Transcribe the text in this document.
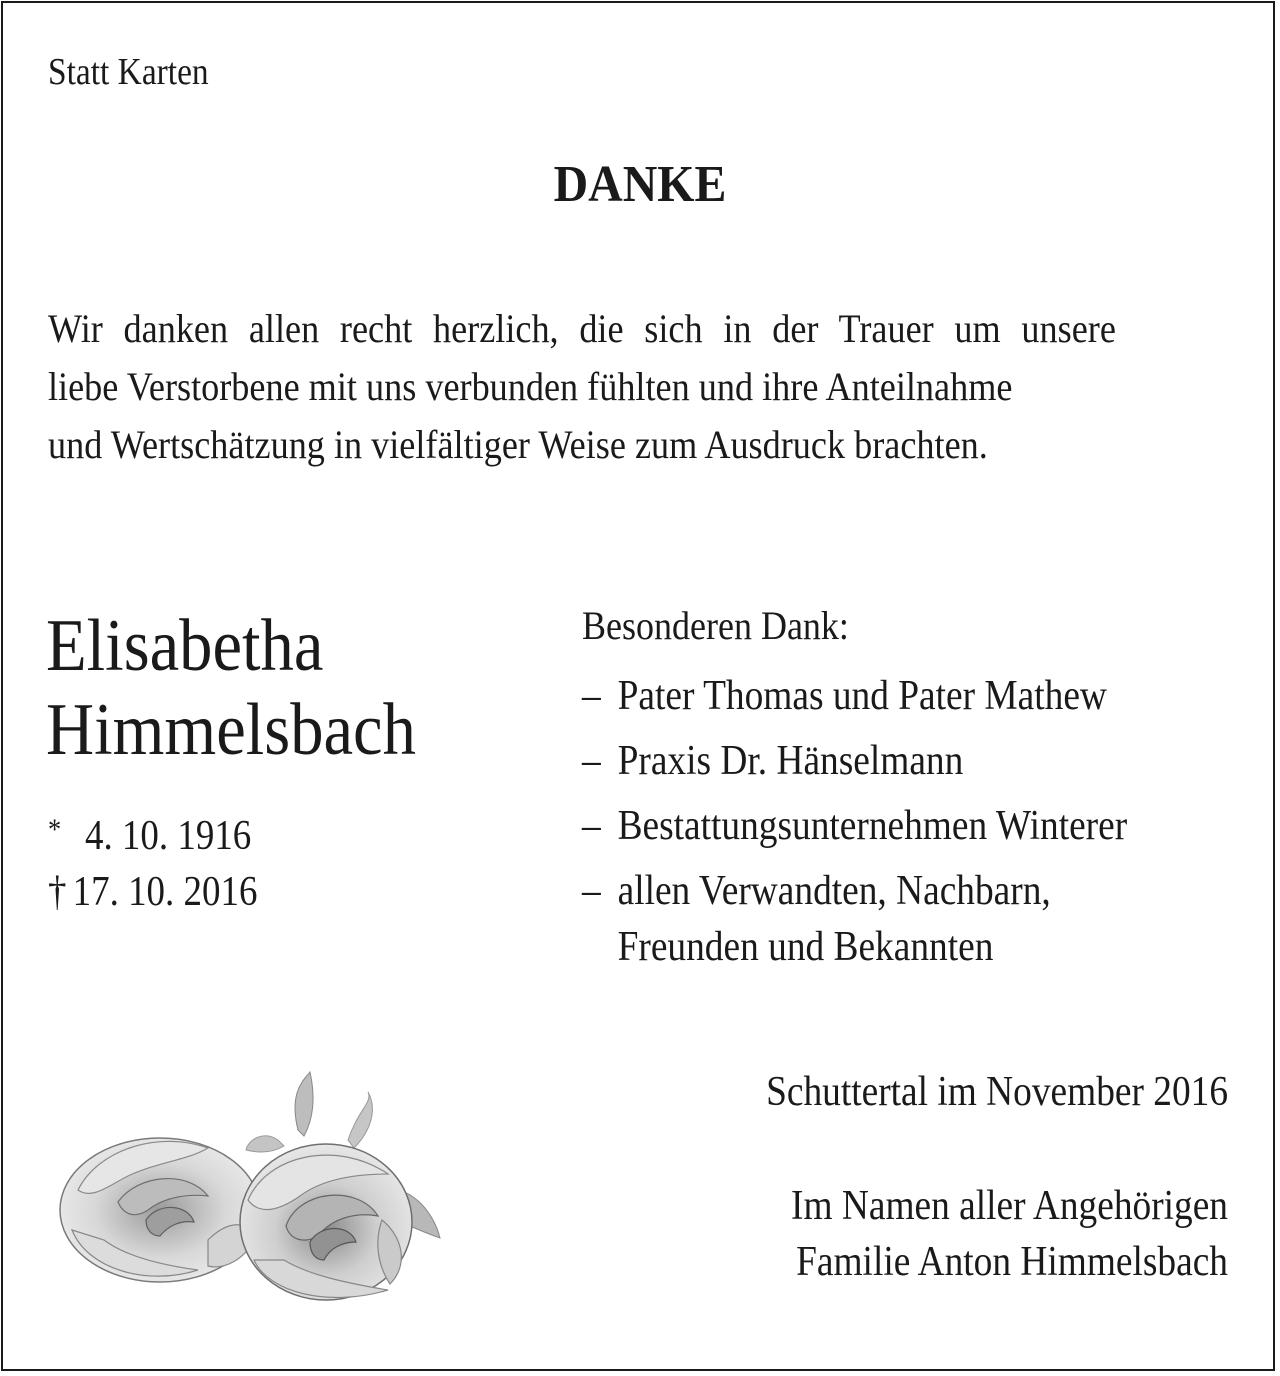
Statt Karten
DANKE
Wir danken allen recht herzlich, die sich in der Trauer um unsere
liebe Verstorbene mit uns verbunden fühlten und ihre Anteilnahme
und Wertschätzung in vielfältiger Weise zum Ausdruck brachten.
Elisabetha
Himmelsbach
* 4. 10. 1916
† 17. 10. 2016
Besonderen Dank:
– Pater Thomas und Pater Mathew
– Praxis Dr. Hänselmann
– Bestattungsunternehmen Winterer
– allen Verwandten, Nachbarn,
Freunden und Bekannten
Schuttertal im November 2016
Im Namen aller Angehörigen
Familie Anton Himmelsbach
